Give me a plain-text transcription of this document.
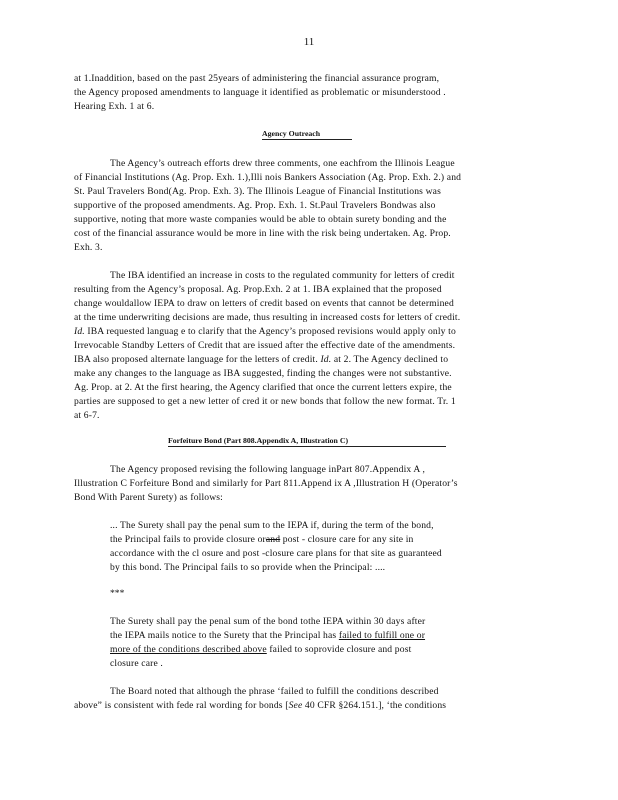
11
at 1.Inaddition, based on the past 25years of administering the financial assurance program,
the Agency proposed amendments to language it identified as problematic or misunderstood .
Hearing Exh. 1 at 6.
Agency Outreach
The Agency’s outreach efforts drew three comments, one eachfrom the Illinois League
of Financial Institutions (Ag. Prop. Exh. 1.),Illi nois Bankers Association (Ag. Prop. Exh. 2.) and
St. Paul Travelers Bond(Ag. Prop. Exh. 3). The Illinois League of Financial Institutions was
supportive of the proposed amendments. Ag. Prop. Exh. 1. St.Paul Travelers Bondwas also
supportive, noting that more waste companies would be able to obtain surety bonding and the
cost of the financial assurance would be more in line with the risk being undertaken. Ag. Prop.
Exh. 3.
The IBA identified an increase in costs to the regulated community for letters of credit
resulting from the Agency’s proposal. Ag. Prop.Exh. 2 at 1. IBA explained that the proposed
change wouldallow IEPA to draw on letters of credit based on events that cannot be determined
at the time underwriting decisions are made, thus resulting in increased costs for letters of credit.
Id. IBA requested languag e to clarify that the Agency’s proposed revisions would apply only to
Irrevocable Standby Letters of Credit that are issued after the effective date of the amendments.
IBA also proposed alternate language for the letters of credit. Id. at 2. The Agency declined to
make any changes to the language as IBA suggested, finding the changes were not substantive.
Ag. Prop. at 2. At the first hearing, the Agency clarified that once the current letters expire, the
parties are supposed to get a new letter of cred it or new bonds that follow the new format. Tr. 1
at 6-7.
Forfeiture Bond (Part 808.Appendix A, Illustration C)
The Agency proposed revising the following language inPart 807.Appendix A ,
Illustration C Forfeiture Bond and similarly for Part 811.Append ix A ,Illustration H (Operator’s
Bond With Parent Surety) as follows:
... The Surety shall pay the penal sum to the IEPA if, during the term of the bond,
the Principal fails to provide closure orand post - closure care for any site in
accordance with the cl osure and post -closure care plans for that site as guaranteed
by this bond. The Principal fails to so provide when the Principal: ....
***
The Surety shall pay the penal sum of the bond tothe IEPA within 30 days after
the IEPA mails notice to the Surety that the Principal has failed to fulfill one or
more of the conditions described above failed to soprovide closure and post
closure care .
The Board noted that although the phrase ‘failed to fulfill the conditions described
above” is consistent with fede ral wording for bonds [See 40 CFR §264.151.], ‘the conditions
